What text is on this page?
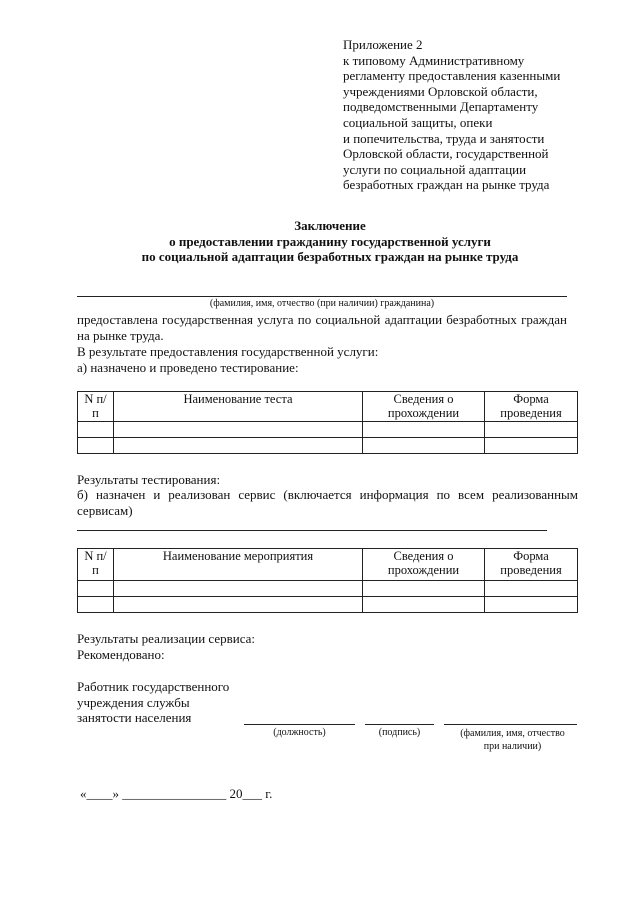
Приложение 2
к типовому Административному
регламенту предоставления казенными
учреждениями Орловской области,
подведомственными Департаменту
социальной защиты, опеки
и попечительства, труда и занятости
Орловской области, государственной
услуги по социальной адаптации
безработных граждан на рынке труда
Заключение
о предоставлении гражданину государственной услуги
по социальной адаптации безработных граждан на рынке труда
(фамилия, имя, отчество (при наличии) гражданина)
предоставлена государственная услуга по социальной адаптации безработных граждан на рынке труда.
В результате предоставления государственной услуги:
а) назначено и проведено тестирование:
N п/п	Наименование теста	Сведения о прохождении	Форма проведения

Результаты тестирования:
б) назначен и реализован сервис (включается информация по всем реализованным сервисам)
N п/п	Наименование мероприятия	Сведения о прохождении	Форма проведения

Результаты реализации сервиса:
Рекомендовано:
Работник государственного
учреждения службы
занятости населения
(должность)	(подпись)	(фамилия, имя, отчество
при наличии)
«____» ________________ 20___ г.
